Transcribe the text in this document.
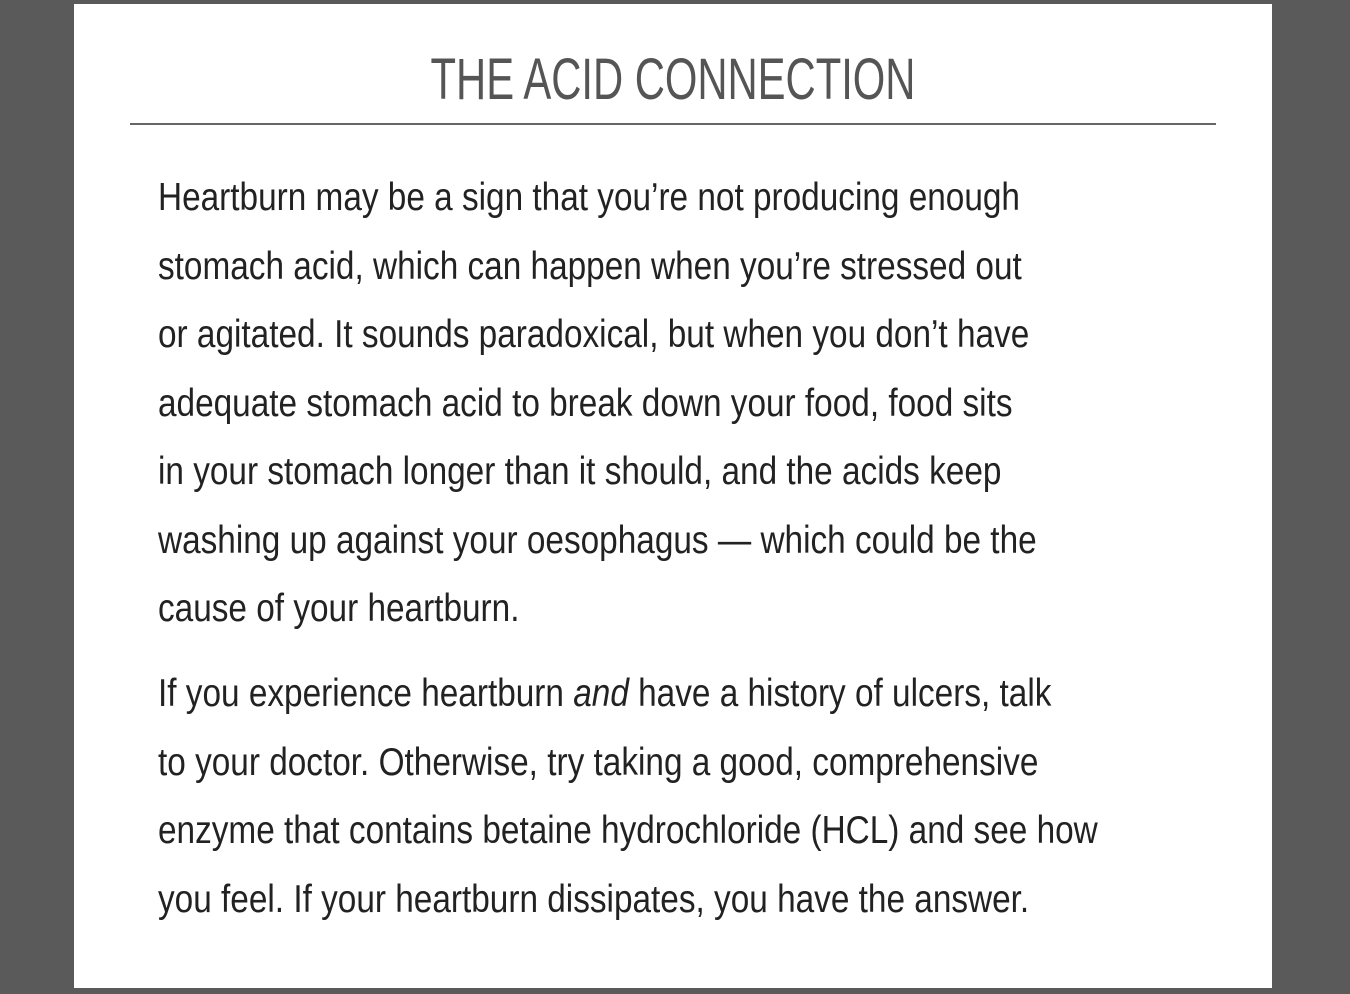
THE ACID CONNECTION
Heartburn may be a sign that you’re not producing enough
stomach acid, which can happen when you’re stressed out
or agitated. It sounds paradoxical, but when you don’t have
adequate stomach acid to break down your food, food sits
in your stomach longer than it should, and the acids keep
washing up against your oesophagus — which could be the
cause of your heartburn.
If you experience heartburn and have a history of ulcers, talk
to your doctor. Otherwise, try taking a good, comprehensive
enzyme that contains betaine hydrochloride (HCL) and see how
you feel. If your heartburn dissipates, you have the answer.
